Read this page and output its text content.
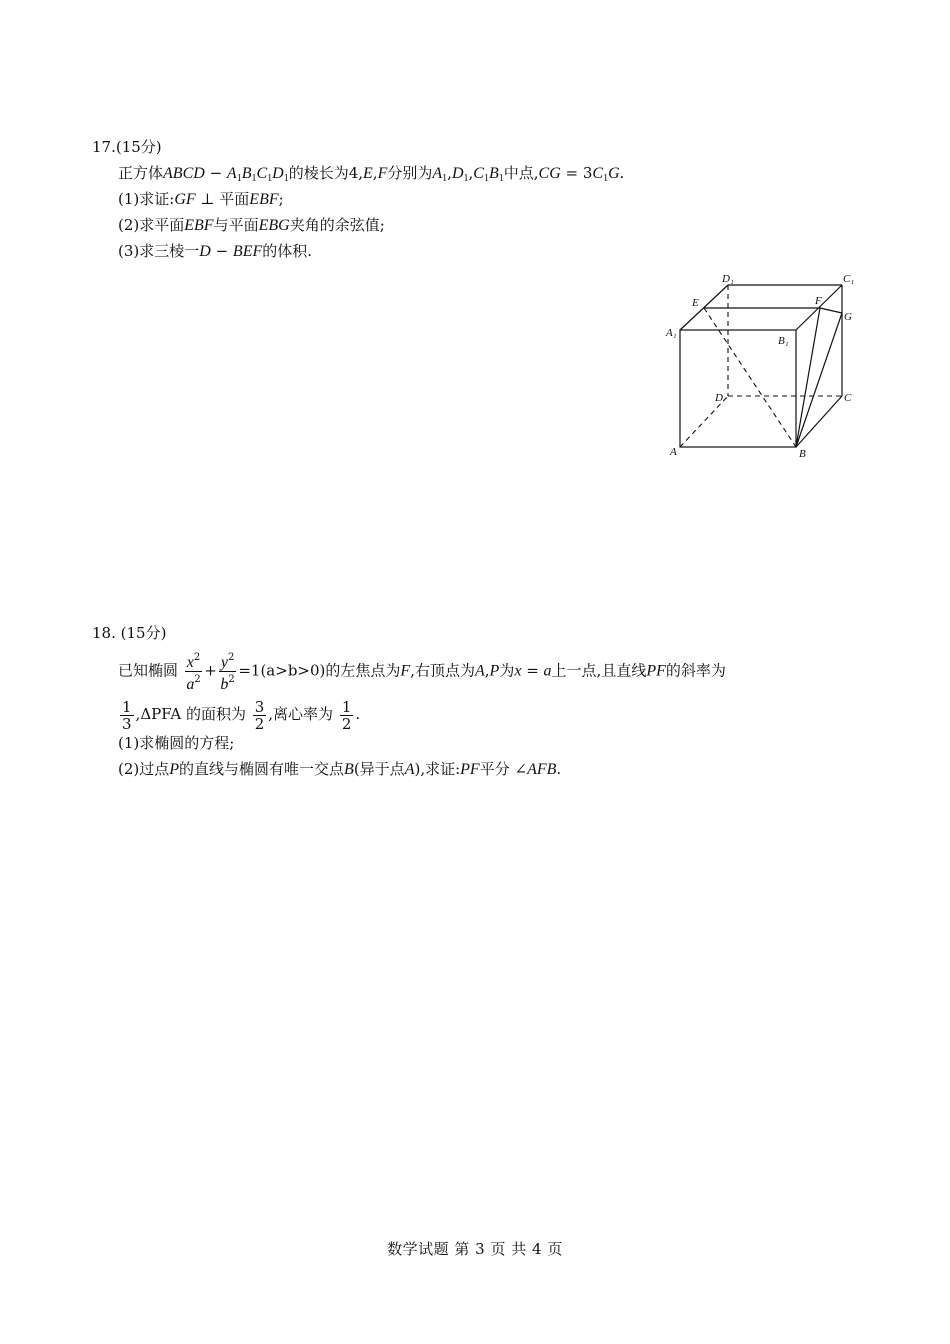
17.(15分)
正方体ABCD − $A_1B_1C_1D_1$的棱长为4,E,F分别为$A_1,D_1,C_1B_1$中点$,CG = 3C_1G$.
(1)求证:GF ⊥ 平面EBF;
(2)求平面EBF与平面EBG夹角的余弦值;
(3)求三棱一D − BEF的体积.
D₁	C₁
E	F
G
A₁
B₁
D	C
A	B
18. (15分)
已知椭圆 $\frac{x^2}{a^2} + \frac{y^2}{b^2} =1(a>b>0)$的左焦点为F,右顶点为A,P为x = a上一点,且直线PF的斜率为
$\frac{1}{3} ,\Delta PFA$ 的面积为 $\frac{3}{2}$ ,离心率为 $\frac{1}{2}$ .
(1)求椭圆的方程;
(2)过点P的直线与椭圆有唯一交点B(异于点A),求证:PF平分 ∠AFB.
数学试题 第 3 页 共 4 页
